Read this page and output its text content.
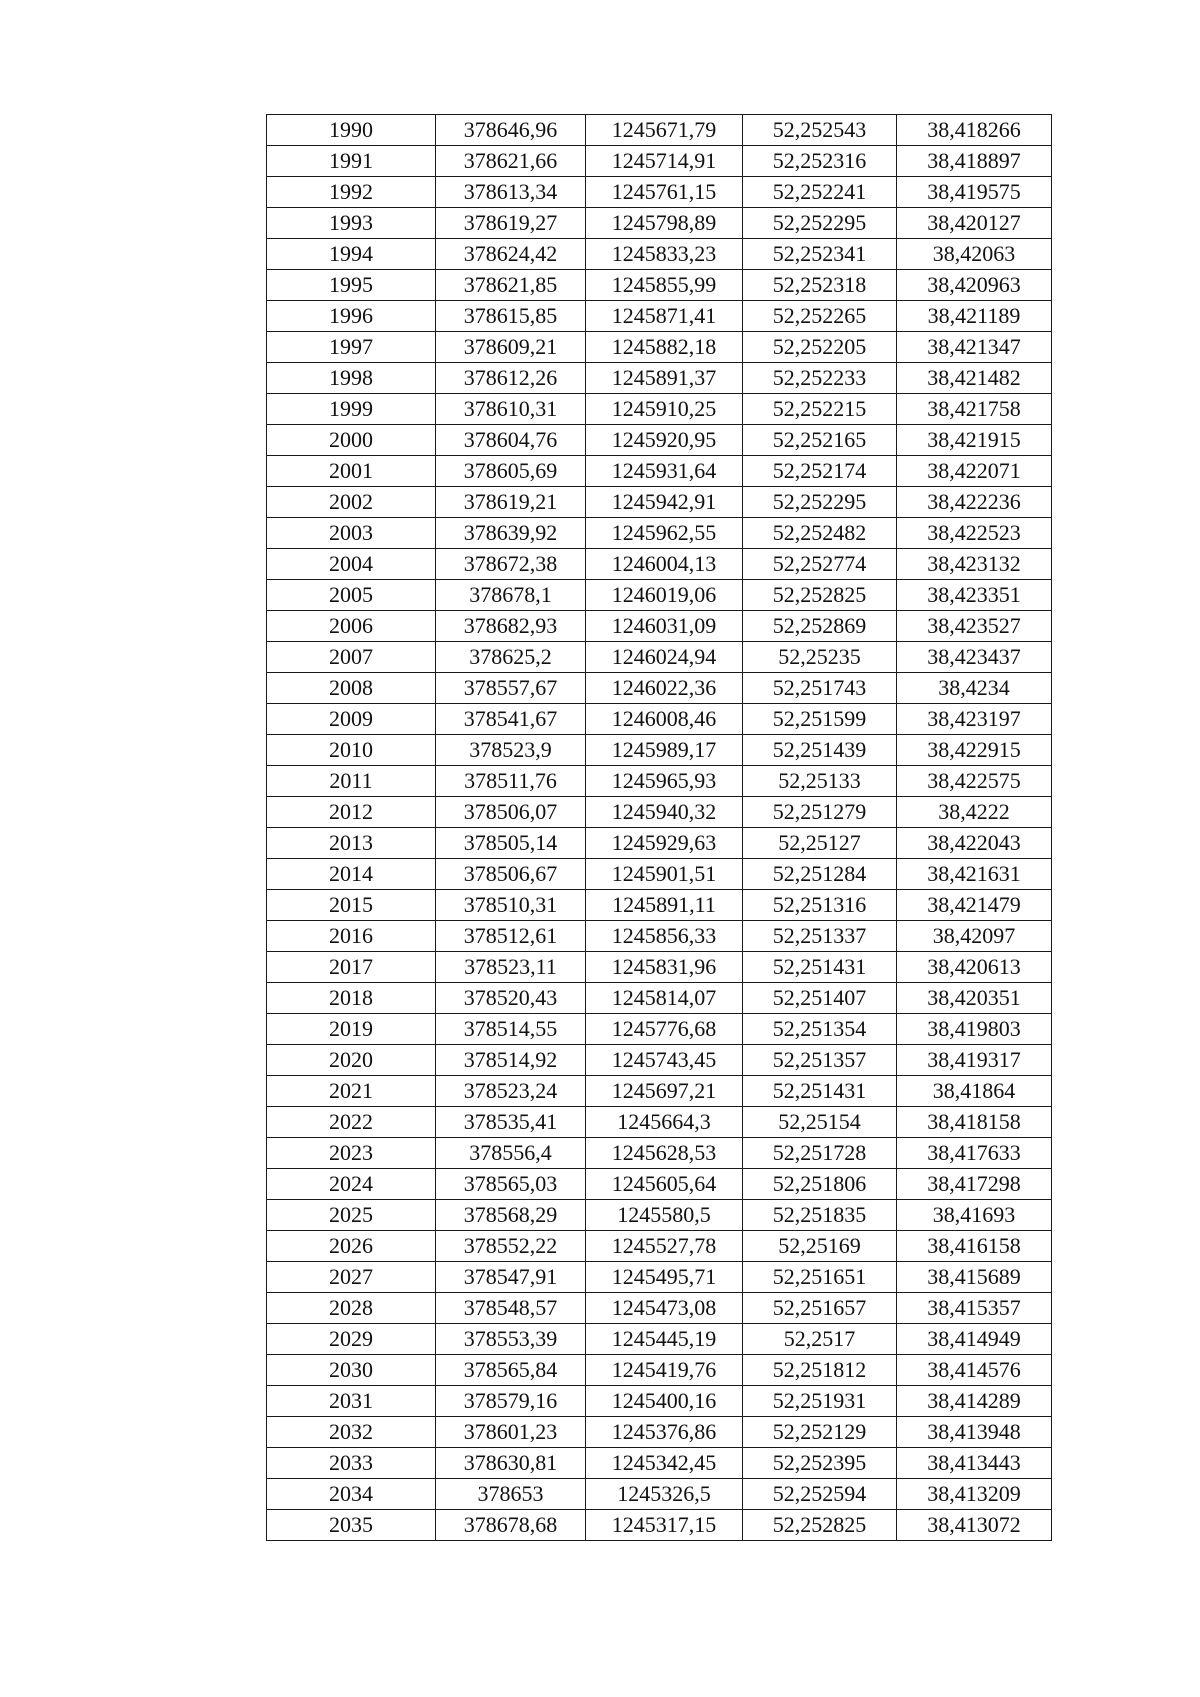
1990	378646,96	1245671,79	52,252543	38,418266
1991	378621,66	1245714,91	52,252316	38,418897
1992	378613,34	1245761,15	52,252241	38,419575
1993	378619,27	1245798,89	52,252295	38,420127
1994	378624,42	1245833,23	52,252341	38,42063
1995	378621,85	1245855,99	52,252318	38,420963
1996	378615,85	1245871,41	52,252265	38,421189
1997	378609,21	1245882,18	52,252205	38,421347
1998	378612,26	1245891,37	52,252233	38,421482
1999	378610,31	1245910,25	52,252215	38,421758
2000	378604,76	1245920,95	52,252165	38,421915
2001	378605,69	1245931,64	52,252174	38,422071
2002	378619,21	1245942,91	52,252295	38,422236
2003	378639,92	1245962,55	52,252482	38,422523
2004	378672,38	1246004,13	52,252774	38,423132
2005	378678,1	1246019,06	52,252825	38,423351
2006	378682,93	1246031,09	52,252869	38,423527
2007	378625,2	1246024,94	52,25235	38,423437
2008	378557,67	1246022,36	52,251743	38,4234
2009	378541,67	1246008,46	52,251599	38,423197
2010	378523,9	1245989,17	52,251439	38,422915
2011	378511,76	1245965,93	52,25133	38,422575
2012	378506,07	1245940,32	52,251279	38,4222
2013	378505,14	1245929,63	52,25127	38,422043
2014	378506,67	1245901,51	52,251284	38,421631
2015	378510,31	1245891,11	52,251316	38,421479
2016	378512,61	1245856,33	52,251337	38,42097
2017	378523,11	1245831,96	52,251431	38,420613
2018	378520,43	1245814,07	52,251407	38,420351
2019	378514,55	1245776,68	52,251354	38,419803
2020	378514,92	1245743,45	52,251357	38,419317
2021	378523,24	1245697,21	52,251431	38,41864
2022	378535,41	1245664,3	52,25154	38,418158
2023	378556,4	1245628,53	52,251728	38,417633
2024	378565,03	1245605,64	52,251806	38,417298
2025	378568,29	1245580,5	52,251835	38,41693
2026	378552,22	1245527,78	52,25169	38,416158
2027	378547,91	1245495,71	52,251651	38,415689
2028	378548,57	1245473,08	52,251657	38,415357
2029	378553,39	1245445,19	52,2517	38,414949
2030	378565,84	1245419,76	52,251812	38,414576
2031	378579,16	1245400,16	52,251931	38,414289
2032	378601,23	1245376,86	52,252129	38,413948
2033	378630,81	1245342,45	52,252395	38,413443
2034	378653	1245326,5	52,252594	38,413209
2035	378678,68	1245317,15	52,252825	38,413072
